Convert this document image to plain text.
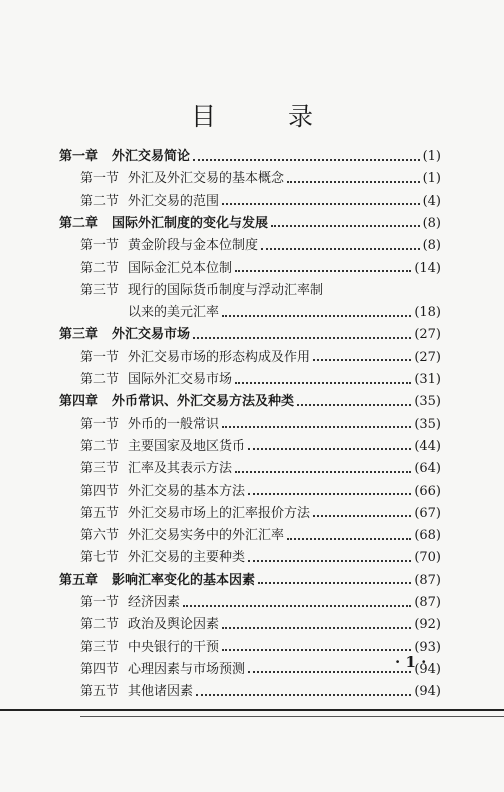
目 录
第一章	外汇交易简论	(1)
第一节 外汇及外汇交易的基本概念	(1)
第二节 外汇交易的范围	(4)
第二章	国际外汇制度的变化与发展	(8)
第一节 黄金阶段与金本位制度	(8)
第二节 国际金汇兑本位制	(14)
第三节 现行的国际货币制度与浮动汇率制
以来的美元汇率	(18)
第三章	外汇交易市场	(27)
第一节 外汇交易市场的形态构成及作用	(27)
第二节 国际外汇交易市场	(31)
第四章	外币常识、外汇交易方法及种类	(35)
第一节 外币的一般常识	(35)
第二节 主要国家及地区货币	(44)
第三节 汇率及其表示方法	(64)
第四节 外汇交易的基本方法	(66)
第五节 外汇交易市场上的汇率报价方法	(67)
第六节 外汇交易实务中的外汇汇率	(68)
第七节 外汇交易的主要种类	(70)
第五章	影响汇率变化的基本因素	(87)
第一节 经济因素	(87)
第二节 政治及舆论因素	(92)
第三节 中央银行的干预	(93)
第四节 心理因素与市场预测	(94)
第五节 其他诸因素	(94)
· 1 ·
